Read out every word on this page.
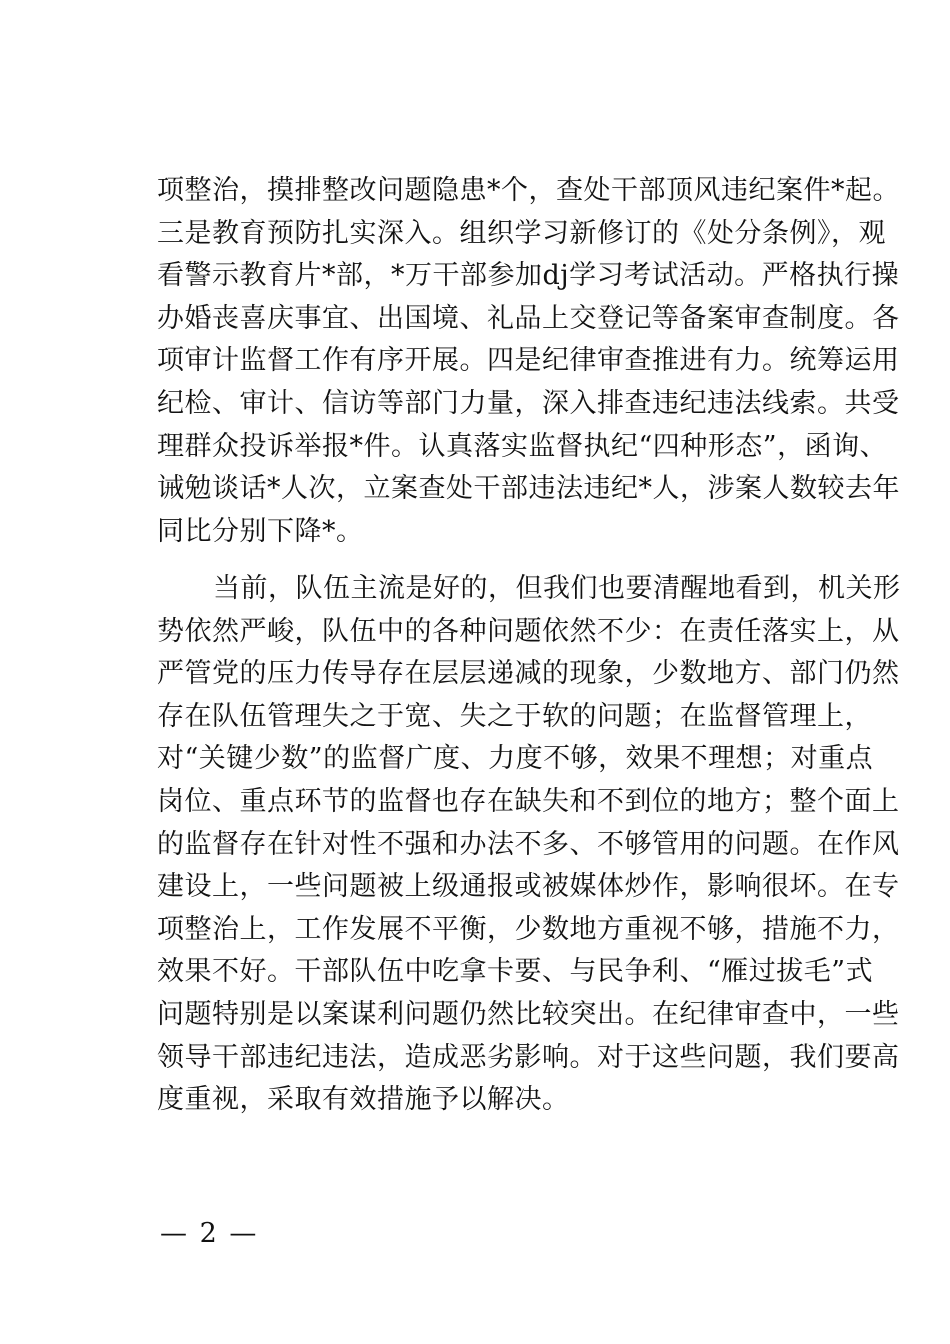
项整治，摸排整改问题隐患*个，查处干部顶风违纪案件*起。
三是教育预防扎实深入。组织学习新修订的《处分条例》，观
看警示教育片*部，*万干部参加dj学习考试活动。严格执行操
办婚丧喜庆事宜、出国境、礼品上交登记等备案审查制度。各
项审计监督工作有序开展。四是纪律审查推进有力。统筹运用
纪检、审计、信访等部门力量，深入排查违纪违法线索。共受
理群众投诉举报*件。认真落实监督执纪“四种形态”，函询、
诫勉谈话*人次，立案查处干部违法违纪*人，涉案人数较去年
同比分别下降*。
当前，队伍主流是好的，但我们也要清醒地看到，机关形
势依然严峻，队伍中的各种问题依然不少：在责任落实上，从
严管党的压力传导存在层层递减的现象，少数地方、部门仍然
存在队伍管理失之于宽、失之于软的问题；在监督管理上，
对“关键少数”的监督广度、力度不够，效果不理想；对重点
岗位、重点环节的监督也存在缺失和不到位的地方；整个面上
的监督存在针对性不强和办法不多、不够管用的问题。在作风
建设上，一些问题被上级通报或被媒体炒作，影响很坏。在专
项整治上，工作发展不平衡，少数地方重视不够，措施不力，
效果不好。干部队伍中吃拿卡要、与民争利、“雁过拔毛”式
问题特别是以案谋利问题仍然比较突出。在纪律审查中，一些
领导干部违纪违法，造成恶劣影响。对于这些问题，我们要高
度重视，采取有效措施予以解决。
— 2 —
